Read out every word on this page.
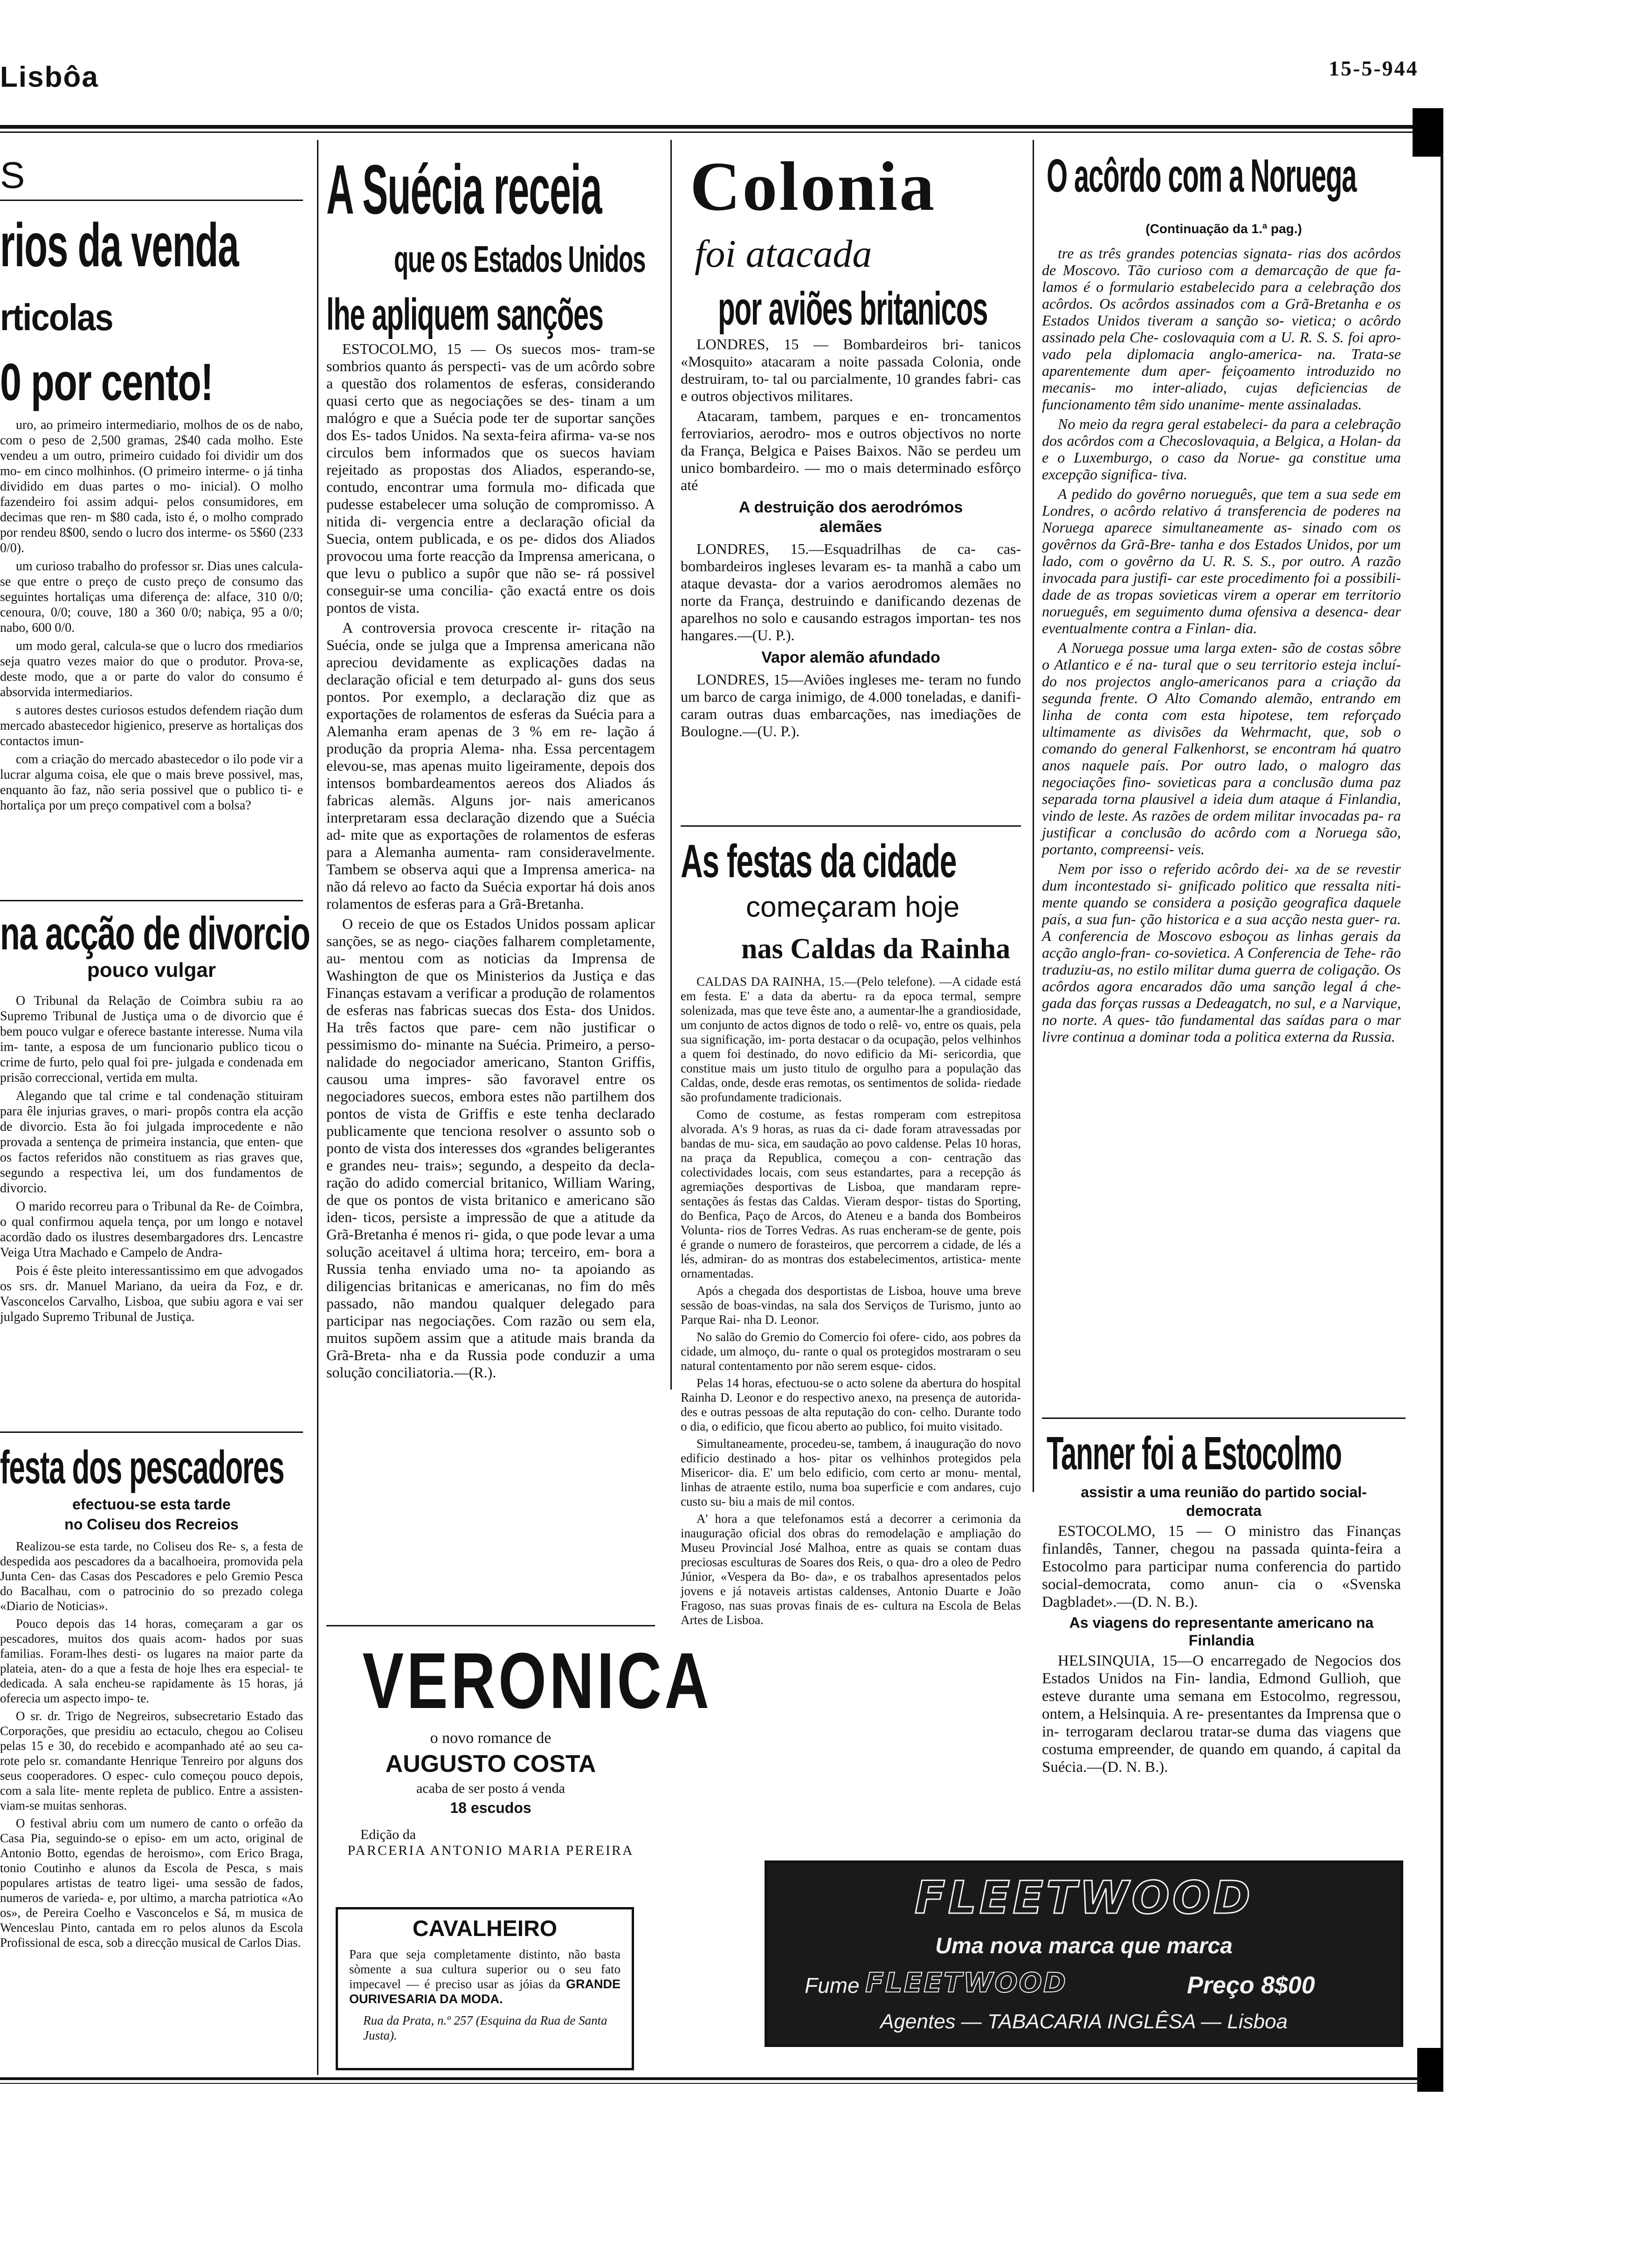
Lisbôa	15-5-944
S
rios da venda
rticolas
0 por cento!

uro, ao primeiro intermediario, molhos de os de nabo, com o peso de 2,500 gramas, 2$40 cada molho. Este vendeu a um outro, primeiro cuidado foi dividir um dos mo- em cinco molhinhos. (O primeiro interme- o já tinha dividido em duas partes o mo- inicial). O molho fazendeiro foi assim adqui- pelos consumidores, em decimas que ren- m $80 cada, isto é, o molho comprado por rendeu 8$00, sendo o lucro dos interme- os 5$60 (233 0/0).

um curioso trabalho do professor sr. Dias unes calcula-se que entre o preço de custo preço de consumo das seguintes hortaliças uma diferença de: alface, 310 0/0; cenoura, 0/0; couve, 180 a 360 0/0; nabiça, 95 a 0/0; nabo, 600 0/0.

um modo geral, calcula-se que o lucro dos rmediarios seja quatro vezes maior do que o produtor. Prova-se, deste modo, que a or parte do valor do consumo é absorvida intermediarios.

s autores destes curiosos estudos defendem riação dum mercado abastecedor higienico, preserve as hortaliças dos contactos imun-

com a criação do mercado abastecedor o ilo pode vir a lucrar alguma coisa, ele que o mais breve possivel, mas, enquanto ão faz, não seria possivel que o publico ti- e hortaliça por um preço compativel com a bolsa?

na acção de divorcio
pouco vulgar

O Tribunal da Relação de Coimbra subiu ra ao Supremo Tribunal de Justiça uma o de divorcio que é bem pouco vulgar e oferece bastante interesse. Numa vila im- tante, a esposa de um funcionario publico ticou o crime de furto, pelo qual foi pre- julgada e condenada em prisão correccional, vertida em multa.

Alegando que tal crime e tal condenação stituiram para êle injurias graves, o mari- propôs contra ela acção de divorcio. Esta ão foi julgada improcedente e não provada a sentença de primeira instancia, que enten- que os factos referidos não constituem as rias graves que, segundo a respectiva lei, um dos fundamentos de divorcio.

O marido recorreu para o Tribunal da Re- de Coimbra, o qual confirmou aquela tença, por um longo e notavel acordão dado os ilustres desembargadores drs. Lencastre Veiga Utra Machado e Campelo de Andra-

Pois é êste pleito interessantissimo em que advogados os srs. dr. Manuel Mariano, da ueira da Foz, e dr. Vasconcelos Carvalho, Lisboa, que subiu agora e vai ser julgado Supremo Tribunal de Justiça.

festa dos pescadores
efectuou-se esta tarde
no Coliseu dos Recreios

Realizou-se esta tarde, no Coliseu dos Re- s, a festa de despedida aos pescadores da a bacalhoeira, promovida pela Junta Cen- das Casas dos Pescadores e pelo Gremio Pesca do Bacalhau, com o patrocinio do so prezado colega «Diario de Noticias».

Pouco depois das 14 horas, começaram a gar os pescadores, muitos dos quais acom- hados por suas familias. Foram-lhes desti- os lugares na maior parte da plateia, aten- do a que a festa de hoje lhes era especial- te dedicada. A sala encheu-se rapidamente às 15 horas, já oferecia um aspecto impo- te.

O sr. dr. Trigo de Negreiros, subsecretario Estado das Corporações, que presidiu ao ectaculo, chegou ao Coliseu pelas 15 e 30, do recebido e acompanhado até ao seu ca- rote pelo sr. comandante Henrique Tenreiro por alguns dos seus cooperadores. O espec- culo começou pouco depois, com a sala lite- mente repleta de publico. Entre a assisten- viam-se muitas senhoras.

O festival abriu com um numero de canto o orfeão da Casa Pia, seguindo-se o episo- em um acto, original de Antonio Botto, egendas de heroismo», com Erico Braga, tonio Coutinho e alunos da Escola de Pesca, s mais populares artistas de teatro ligei- uma sessão de fados, numeros de varieda- e, por ultimo, a marcha patriotica «Ao os», de Pereira Coelho e Vasconcelos e Sá, m musica de Wenceslau Pinto, cantada em ro pelos alunos da Escola Profissional de esca, sob a direcção musical de Carlos Dias.

A Suécia receia
que os Estados Unidos
lhe apliquem sanções

ESTOCOLMO, 15 — Os suecos mos- tram-se sombrios quanto ás perspecti- vas de um acôrdo sobre a questão dos rolamentos de esferas, considerando quasi certo que as negociações se des- tinam a um malógro e que a Suécia pode ter de suportar sanções dos Es- tados Unidos. Na sexta-feira afirma- va-se nos circulos bem informados que os suecos haviam rejeitado as propostas dos Aliados, esperando-se, contudo, encontrar uma formula mo- dificada que pudesse estabelecer uma solução de compromisso. A nitida di- vergencia entre a declaração oficial da Suecia, ontem publicada, e os pe- didos dos Aliados provocou uma forte reacção da Imprensa americana, o que levu o publico a supôr que não se- rá possivel conseguir-se uma concilia- ção exactá entre os dois pontos de vista.

A controversia provoca crescente ir- ritação na Suécia, onde se julga que a Imprensa americana não apreciou devidamente as explicações dadas na declaração oficial e tem deturpado al- guns dos seus pontos. Por exemplo, a declaração diz que as exportações de rolamentos de esferas da Suécia para a Alemanha eram apenas de 3 % em re- lação á produção da propria Alema- nha. Essa percentagem elevou-se, mas apenas muito ligeiramente, depois dos intensos bombardeamentos aereos dos Aliados ás fabricas alemãs. Alguns jor- nais americanos interpretaram essa declaração dizendo que a Suécia ad- mite que as exportações de rolamentos de esferas para a Alemanha aumenta- ram consideravelmente. Tambem se observa aqui que a Imprensa america- na não dá relevo ao facto da Suécia exportar há dois anos rolamentos de esferas para a Grã-Bretanha.

O receio de que os Estados Unidos possam aplicar sanções, se as nego- ciações falharem completamente, au- mentou com as noticias da Imprensa de Washington de que os Ministerios da Justiça e das Finanças estavam a verificar a produção de rolamentos de esferas nas fabricas suecas dos Esta- dos Unidos. Ha três factos que pare- cem não justificar o pessimismo do- minante na Suécia. Primeiro, a perso- nalidade do negociador americano, Stanton Griffis, causou uma impres- são favoravel entre os negociadores suecos, embora estes não partilhem dos pontos de vista de Griffis e este tenha declarado publicamente que tenciona resolver o assunto sob o ponto de vista dos interesses dos «grandes beligerantes e grandes neu- trais»; segundo, a despeito da decla- ração do adido comercial britanico, William Waring, de que os pontos de vista britanico e americano são iden- ticos, persiste a impressão de que a atitude da Grã-Bretanha é menos ri- gida, o que pode levar a uma solução aceitavel á ultima hora; terceiro, em- bora a Russia tenha enviado uma no- ta apoiando as diligencias britanicas e americanas, no fim do mês passado, não mandou qualquer delegado para participar nas negociações. Com razão ou sem ela, muitos supõem assim que a atitude mais branda da Grã-Breta- nha e da Russia pode conduzir a uma solução conciliatoria.—(R.).

VERONICA
o novo romance de
AUGUSTO COSTA
acaba de ser posto á venda
18 escudos
Edição da
PARCERIA ANTONIO MARIA PEREIRA
CAVALHEIRO
Para que seja completamente distinto, não basta sòmente a sua cultura superior ou o seu fato impecavel — é preciso usar as jóias da GRANDE OURIVESARIA DA MODA.
Rua da Prata, n.º 257 (Esquina da Rua de Santa Justa).
Colonia
foi atacada
por aviões britanicos

LONDRES, 15 — Bombardeiros bri- tanicos «Mosquito» atacaram a noite passada Colonia, onde destruiram, to- tal ou parcialmente, 10 grandes fabri- cas e outros objectivos militares.

Atacaram, tambem, parques e en- troncamentos ferroviarios, aerodro- mos e outros objectivos no norte da França, Belgica e Paises Baixos. Não se perdeu um unico bombardeiro. — mo o mais determinado esfôrço até

A destruição dos aerodrómos alemães

LONDRES, 15.—Esquadrilhas de ca- cas-bombardeiros ingleses levaram es- ta manhã a cabo um ataque devasta- dor a varios aerodromos alemães no norte da França, destruindo e danificando dezenas de aparelhos no solo e causando estragos importan- tes nos hangares.—(U. P.).

Vapor alemão afundado

LONDRES, 15—Aviões ingleses me- teram no fundo um barco de carga inimigo, de 4.000 toneladas, e danifi- caram outras duas embarcações, nas imediações de Boulogne.—(U. P.).

As festas da cidade
começaram hoje
nas Caldas da Rainha

CALDAS DA RAINHA, 15.—(Pelo telefone). —A cidade está em festa. E' a data da abertu- ra da epoca termal, sempre solenizada, mas que teve êste ano, a aumentar-lhe a grandiosidade, um conjunto de actos dignos de todo o relê- vo, entre os quais, pela sua significação, im- porta destacar o da ocupação, pelos velhinhos a quem foi destinado, do novo edificio da Mi- sericordia, que constitue mais um justo titulo de orgulho para a população das Caldas, onde, desde eras remotas, os sentimentos de solida- riedade são profundamente tradicionais.

Como de costume, as festas romperam com estrepitosa alvorada. A's 9 horas, as ruas da ci- dade foram atravessadas por bandas de mu- sica, em saudação ao povo caldense. Pelas 10 horas, na praça da Republica, começou a con- centração das colectividades locais, com seus estandartes, para a recepção ás agremiações desportivas de Lisboa, que mandaram repre- sentações ás festas das Caldas. Vieram despor- tistas do Sporting, do Benfica, Paço de Arcos, do Ateneu e a banda dos Bombeiros Volunta- rios de Torres Vedras. As ruas encheram-se de gente, pois é grande o numero de forasteiros, que percorrem a cidade, de lés a lés, admiran- do as montras dos estabelecimentos, artistica- mente ornamentadas.

Após a chegada dos desportistas de Lisboa, houve uma breve sessão de boas-vindas, na sala dos Serviços de Turismo, junto ao Parque Rai- nha D. Leonor.

No salão do Gremio do Comercio foi ofere- cido, aos pobres da cidade, um almoço, du- rante o qual os protegidos mostraram o seu natural contentamento por não serem esque- cidos.

Pelas 14 horas, efectuou-se o acto solene da abertura do hospital Rainha D. Leonor e do respectivo anexo, na presença de autorida- des e outras pessoas de alta reputação do con- celho. Durante todo o dia, o edificio, que ficou aberto ao publico, foi muito visitado.

Simultaneamente, procedeu-se, tambem, á inauguração do novo edificio destinado a hos- pitar os velhinhos protegidos pela Misericor- dia. E' um belo edificio, com certo ar monu- mental, linhas de atraente estilo, numa boa superficie e com andares, cujo custo su- biu a mais de mil contos.

A' hora a que telefonamos está a decorrer a cerimonia da inauguração oficial dos obras do remodelação e ampliação do Museu Provincial José Malhoa, entre as quais se contam duas preciosas esculturas de Soares dos Reis, o qua- dro a oleo de Pedro Júnior, «Vespera da Bo- da», e os trabalhos apresentados pelos jovens e já notaveis artistas caldenses, Antonio Duarte e João Fragoso, nas suas provas finais de es- cultura na Escola de Belas Artes de Lisboa.

O acôrdo com a Noruega
(Continuação da 1.ª pag.)

tre as três grandes potencias signata- rias dos acôrdos de Moscovo. Tão curioso com a demarcação de que fa- lamos é o formulario estabelecido para a celebração dos acôrdos. Os acôrdos assinados com a Grã-Bretanha e os Estados Unidos tiveram a sanção so- vietica; o acôrdo assinado pela Che- coslovaquia com a U. R. S. S. foi apro- vado pela diplomacia anglo-america- na. Trata-se aparentemente dum aper- feiçoamento introduzido no mecanis- mo inter-aliado, cujas deficiencias de funcionamento têm sido unanime- mente assinaladas.

No meio da regra geral estabeleci- da para a celebração dos acôrdos com a Checoslovaquia, a Belgica, a Holan- da e o Luxemburgo, o caso da Norue- ga constitue uma excepção significa- tiva.

A pedido do govêrno norueguês, que tem a sua sede em Londres, o acôrdo relativo á transferencia de poderes na Noruega aparece simultaneamente as- sinado com os govêrnos da Grã-Bre- tanha e dos Estados Unidos, por um lado, com o govêrno da U. R. S. S., por outro. A razão invocada para justifi- car este procedimento foi a possibili- dade de as tropas sovieticas virem a operar em territorio norueguês, em seguimento duma ofensiva a desenca- dear eventualmente contra a Finlan- dia.

A Noruega possue uma larga exten- são de costas sôbre o Atlantico e é na- tural que o seu territorio esteja incluí- do nos projectos anglo-americanos para a criação da segunda frente. O Alto Comando alemão, entrando em linha de conta com esta hipotese, tem reforçado ultimamente as divisões da Wehrmacht, que, sob o comando do general Falkenhorst, se encontram há quatro anos naquele país. Por outro lado, o malogro das negociações fino- sovieticas para a conclusão duma paz separada torna plausivel a ideia dum ataque á Finlandia, vindo de leste. As razões de ordem militar invocadas pa- ra justificar a conclusão do acôrdo com a Noruega são, portanto, compreensi- veis.

Nem por isso o referido acôrdo dei- xa de se revestir dum incontestado si- gnificado politico que ressalta niti- mente quando se considera a posição geografica daquele país, a sua fun- ção historica e a sua acção nesta guer- ra. A conferencia de Moscovo esboçou as linhas gerais da acção anglo-fran- co-sovietica. A Conferencia de Tehe- rão traduziu-as, no estilo militar duma guerra de coligação. Os acôrdos agora encarados dão uma sanção legal á che- gada das forças russas a Dedeagatch, no sul, e a Narvique, no norte. A ques- tão fundamental das saídas para o mar livre continua a dominar toda a politica externa da Russia.

Tanner foi a Estocolmo
assistir a uma reunião do partido social-democrata

ESTOCOLMO, 15 — O ministro das Finanças finlandês, Tanner, chegou na passada quinta-feira a Estocolmo para participar numa conferencia do partido social-democrata, como anun- cia o «Svenska Dagbladet».—(D. N. B.).

As viagens do representante americano na Finlandia

HELSINQUIA, 15—O encarregado de Negocios dos Estados Unidos na Fin- landia, Edmond Gullioh, que esteve durante uma semana em Estocolmo, regressou, ontem, a Helsinquia. A re- presentantes da Imprensa que o in- terrogaram declarou tratar-se duma das viagens que costuma empreender, de quando em quando, á capital da Suécia.—(D. N. B.).

FLEETWOOD
Uma nova marca que marca
Fume FLEETWOOD	Preço 8$00
Agentes — TABACARIA INGLÊSA — Lisboa
